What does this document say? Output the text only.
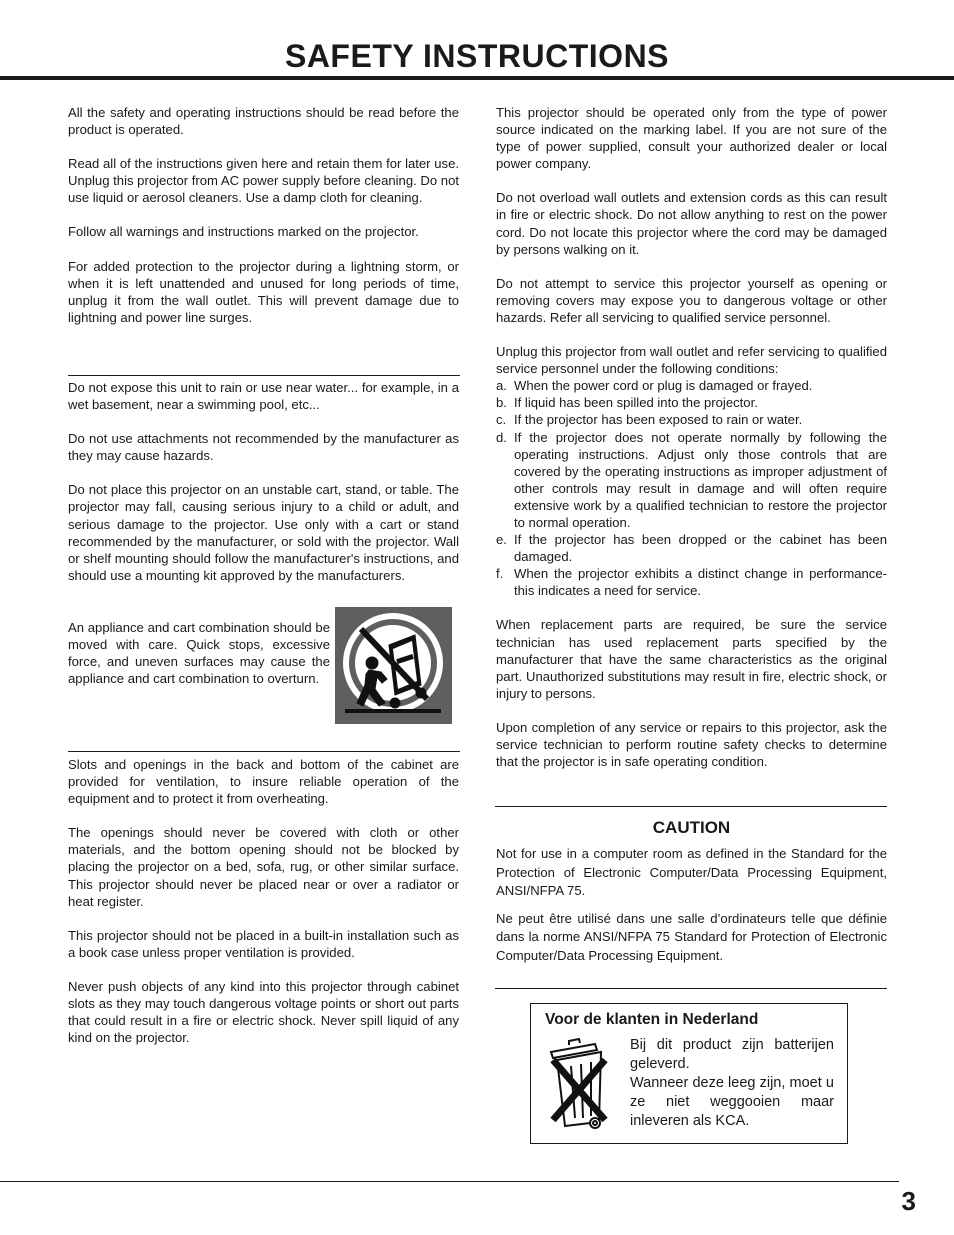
SAFETY INSTRUCTIONS

All the safety and operating instructions should be read before the product is operated.

Read all of the instructions given here and retain them for later use. Unplug this projector from AC power supply before cleaning. Do not use liquid or aerosol cleaners. Use a damp cloth for cleaning.

Follow all warnings and instructions marked on the projector.

For added protection to the projector during a lightning storm, or when it is left unattended and unused for long periods of time, unplug it from the wall outlet. This will prevent damage due to lightning and power line surges.

Do not expose this unit to rain or use near water... for example, in a wet basement, near a swimming pool, etc...

Do not use attachments not recommended by the manufacturer as they may cause hazards.

Do not place this projector on an unstable cart, stand, or table. The projector may fall, causing serious injury to a child or adult, and serious damage to the projector. Use only with a cart or stand recommended by the manufacturer, or sold with the projector. Wall or shelf mounting should follow the manufacturer's instructions, and should use a mounting kit approved by the manufacturers.

An appliance and cart combination should be moved with care. Quick stops, excessive force, and uneven surfaces may cause the appliance and cart combination to overturn.

Slots and openings in the back and bottom of the cabinet are provided for ventilation, to insure reliable operation of the equipment and to protect it from overheating.

The openings should never be covered with cloth or other materials, and the bottom opening should not be blocked by placing the projector on a bed, sofa, rug, or other similar surface. This projector should never be placed near or over a radiator or heat register.

This projector should not be placed in a built-in installation such as a book case unless proper ventilation is provided.

Never push objects of any kind into this projector through cabinet slots as they may touch dangerous voltage points or short out parts that could result in a fire or electric shock. Never spill liquid of any kind on the projector.

This projector should be operated only from the type of power source indicated on the marking label. If you are not sure of the type of power supplied, consult your authorized dealer or local power company.

Do not overload wall outlets and extension cords as this can result in fire or electric shock. Do not allow anything to rest on the power cord. Do not locate this projector where the cord may be damaged by persons walking on it.

Do not attempt to service this projector yourself as opening or removing covers may expose you to dangerous voltage or other hazards. Refer all servicing to qualified service personnel.

Unplug this projector from wall outlet and refer servicing to qualified service personnel under the following conditions:

a. When the power cord or plug is damaged or frayed.
b. If liquid has been spilled into the projector.
c. If the projector has been exposed to rain or water.
d. If the projector does not operate normally by following the operating instructions. Adjust only those controls that are covered by the operating instructions as improper adjustment of other controls may result in damage and will often require extensive work by a qualified technician to restore the projector to normal operation.
e. If the projector has been dropped or the cabinet has been damaged.
f. When the projector exhibits a distinct change in performance-this indicates a need for service.

When replacement parts are required, be sure the service technician has used replacement parts specified by the manufacturer that have the same characteristics as the original part. Unauthorized substitutions may result in fire, electric shock, or injury to persons.

Upon completion of any service or repairs to this projector, ask the service technician to perform routine safety checks to determine that the projector is in safe operating condition.

CAUTION

Not for use in a computer room as defined in the Standard for the Protection of Electronic Computer/Data Processing Equipment, ANSI/NFPA 75.

Ne peut être utilisé dans une salle d’ordinateurs telle que définie dans la norme ANSI/NFPA 75 Standard for Protection of Electronic Computer/Data Processing Equipment.

Voor de klanten in Nederland

Bij dit product zijn batterijen geleverd.

Wanneer deze leeg zijn, moet u ze niet weggooien maar inleveren als KCA.

3
